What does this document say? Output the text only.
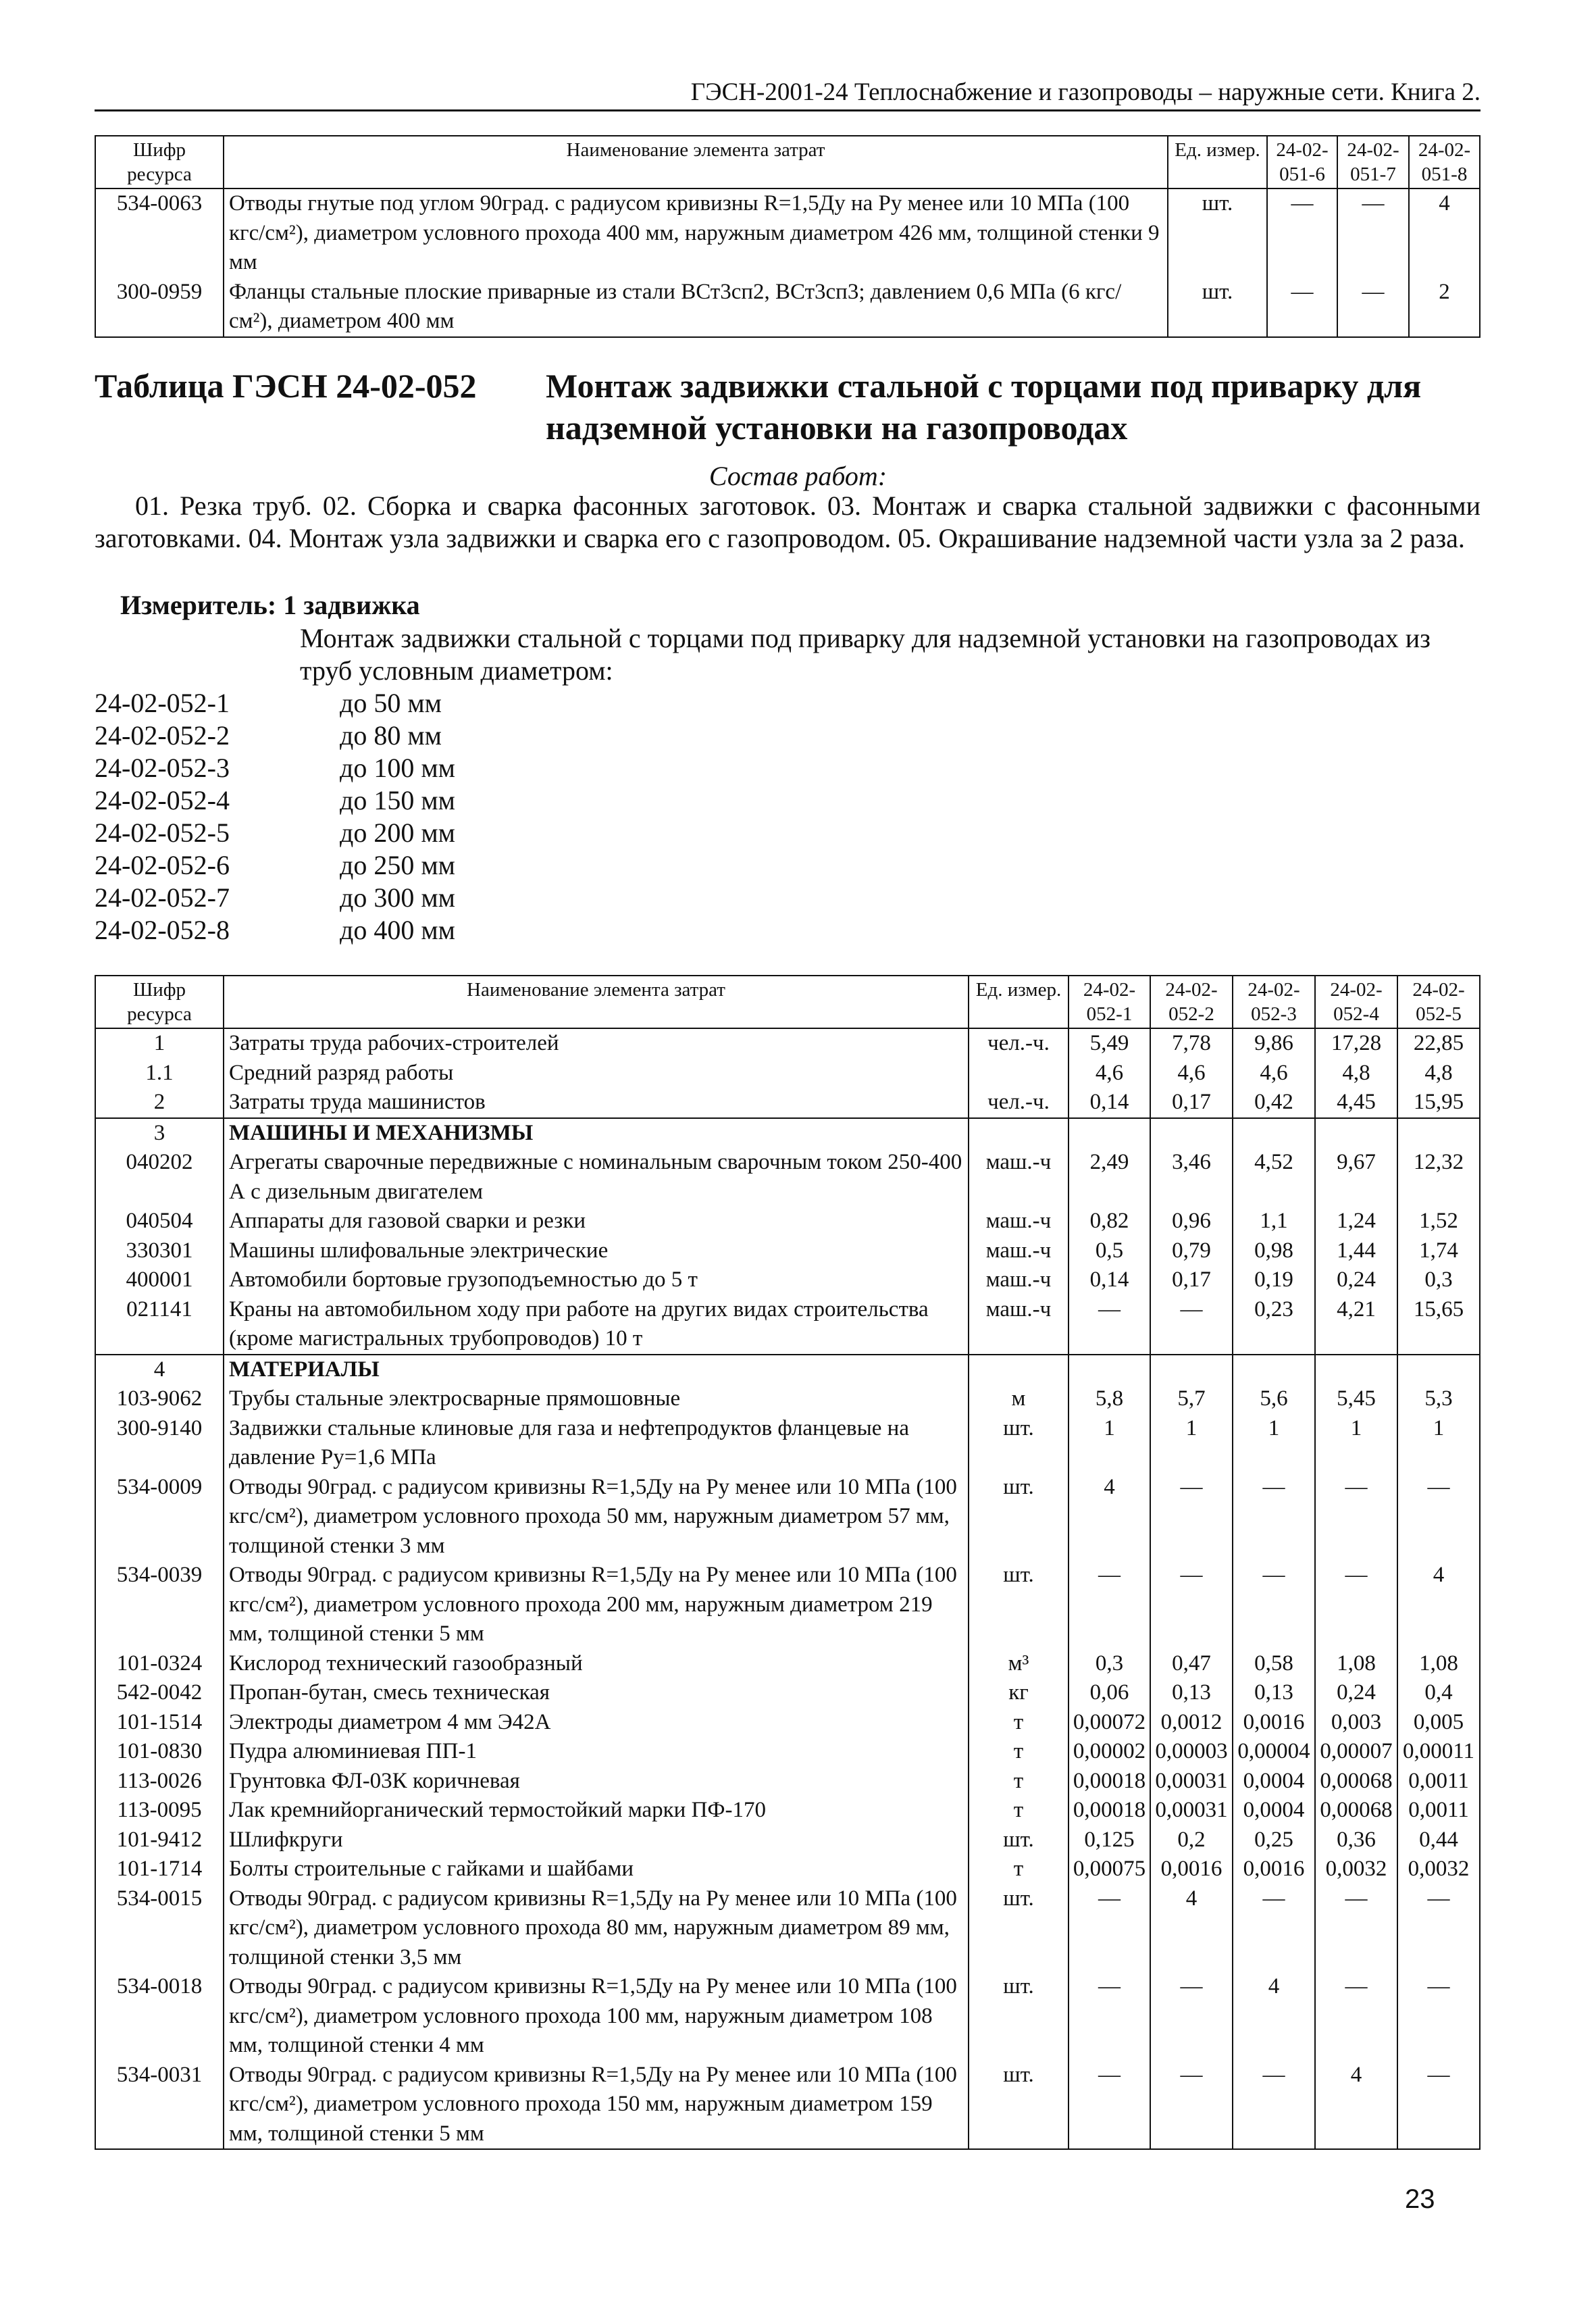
ГЭСН-2001-24 Теплоснабжение и газопроводы – наружные сети. Книга 2.
Шифр ресурса	Наименование элемента затрат	Ед. измер.	24-02-051-6	24-02-051-7	24-02-051-8
534-0063	Отводы гнутые под углом 90град. с радиусом кривизны R=1,5Ду на Ру менее или 10 МПа (100 кгс/см²), диаметром условного прохода 400 мм, наружным диаметром 426 мм, толщиной стенки 9 мм	шт.	—	—	4
300-0959	Фланцы стальные плоские приварные из стали ВСт3сп2, ВСт3сп3; давлением 0,6 МПа (6 кгс/см²), диаметром 400 мм	шт.	—	—	2
Таблица ГЭСН 24-02-052 Монтаж задвижки стальной с торцами под приварку для надземной установки на газопроводах
Состав работ:
01. Резка труб. 02. Сборка и сварка фасонных заготовок. 03. Монтаж и сварка стальной задвижки с фасонными заготовками. 04. Монтаж узла задвижки и сварка его с газопроводом. 05. Окрашивание надземной части узла за 2 раза.
Измеритель: 1 задвижка
Монтаж задвижки стальной с торцами под приварку для надземной установки на газопроводах из труб условным диаметром:
24-02-052-1	до 50 мм
24-02-052-2	до 80 мм
24-02-052-3	до 100 мм
24-02-052-4	до 150 мм
24-02-052-5	до 200 мм
24-02-052-6	до 250 мм
24-02-052-7	до 300 мм
24-02-052-8	до 400 мм
Шифр ресурса	Наименование элемента затрат	Ед. измер.	24-02-052-1	24-02-052-2	24-02-052-3	24-02-052-4	24-02-052-5
1	Затраты труда рабочих-строителей	чел.-ч.	5,49	7,78	9,86	17,28	22,85
1.1	Средний разряд работы		4,6	4,6	4,6	4,8	4,8
2	Затраты труда машинистов	чел.-ч.	0,14	0,17	0,42	4,45	15,95
3	МАШИНЫ И МЕХАНИЗМЫ						
040202	Агрегаты сварочные передвижные с номинальным сварочным током 250-400 А с дизельным двигателем	маш.-ч	2,49	3,46	4,52	9,67	12,32
040504	Аппараты для газовой сварки и резки	маш.-ч	0,82	0,96	1,1	1,24	1,52
330301	Машины шлифовальные электрические	маш.-ч	0,5	0,79	0,98	1,44	1,74
400001	Автомобили бортовые грузоподъемностью до 5 т	маш.-ч	0,14	0,17	0,19	0,24	0,3
021141	Краны на автомобильном ходу при работе на других видах строительства (кроме магистральных трубопроводов) 10 т	маш.-ч	—	—	0,23	4,21	15,65
4	МАТЕРИАЛЫ						
103-9062	Трубы стальные электросварные прямошовные	м	5,8	5,7	5,6	5,45	5,3
300-9140	Задвижки стальные клиновые для газа и нефтепродуктов фланцевые на давление Ру=1,6 МПа	шт.	1	1	1	1	1
534-0009	Отводы 90град. с радиусом кривизны R=1,5Ду на Ру менее или 10 МПа (100 кгс/см²), диаметром условного прохода 50 мм, наружным диаметром 57 мм, толщиной стенки 3 мм	шт.	4	—	—	—	—
534-0039	Отводы 90град. с радиусом кривизны R=1,5Ду на Ру менее или 10 МПа (100 кгс/см²), диаметром условного прохода 200 мм, наружным диаметром 219 мм, толщиной стенки 5 мм	шт.	—	—	—	—	4
101-0324	Кислород технический газообразный	м³	0,3	0,47	0,58	1,08	1,08
542-0042	Пропан-бутан, смесь техническая	кг	0,06	0,13	0,13	0,24	0,4
101-1514	Электроды диаметром 4 мм Э42А	т	0,00072	0,0012	0,0016	0,003	0,005
101-0830	Пудра алюминиевая ПП-1	т	0,00002	0,00003	0,00004	0,00007	0,00011
113-0026	Грунтовка ФЛ-03К коричневая	т	0,00018	0,00031	0,0004	0,00068	0,0011
113-0095	Лак кремнийорганический термостойкий марки ПФ-170	т	0,00018	0,00031	0,0004	0,00068	0,0011
101-9412	Шлифкруги	шт.	0,125	0,2	0,25	0,36	0,44
101-1714	Болты строительные с гайками и шайбами	т	0,00075	0,0016	0,0016	0,0032	0,0032
534-0015	Отводы 90град. с радиусом кривизны R=1,5Ду на Ру менее или 10 МПа (100 кгс/см²), диаметром условного прохода 80 мм, наружным диаметром 89 мм, толщиной стенки 3,5 мм	шт.	—	4	—	—	—
534-0018	Отводы 90град. с радиусом кривизны R=1,5Ду на Ру менее или 10 МПа (100 кгс/см²), диаметром условного прохода 100 мм, наружным диаметром 108 мм, толщиной стенки 4 мм	шт.	—	—	4	—	—
534-0031	Отводы 90град. с радиусом кривизны R=1,5Ду на Ру менее или 10 МПа (100 кгс/см²), диаметром условного прохода 150 мм, наружным диаметром 159 мм, толщиной стенки 5 мм	шт.	—	—	—	4	—
23
